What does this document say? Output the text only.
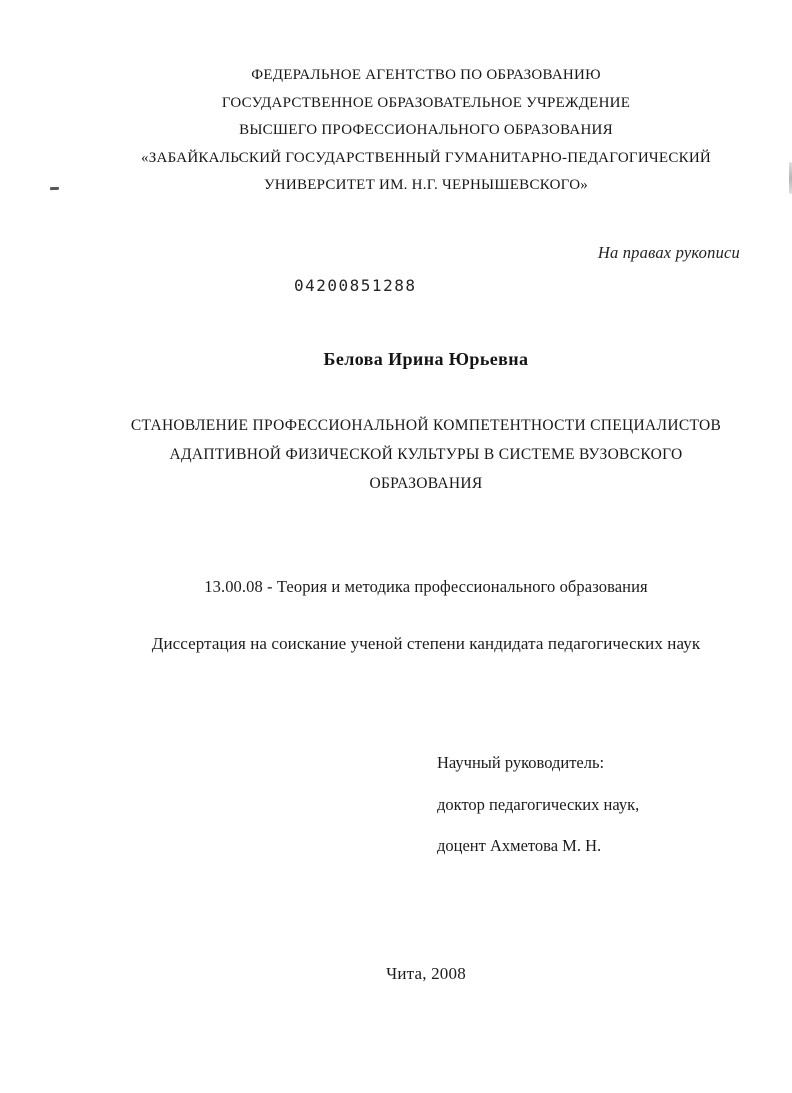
ФЕДЕРАЛЬНОЕ АГЕНТСТВО ПО ОБРАЗОВАНИЮ
ГОСУДАРСТВЕННОЕ ОБРАЗОВАТЕЛЬНОЕ УЧРЕЖДЕНИЕ
ВЫСШЕГО ПРОФЕССИОНАЛЬНОГО ОБРАЗОВАНИЯ
«ЗАБАЙКАЛЬСКИЙ ГОСУДАРСТВЕННЫЙ ГУМАНИТАРНО-ПЕДАГОГИЧЕСКИЙ
УНИВЕРСИТЕТ ИМ. Н.Г. ЧЕРНЫШЕВСКОГО»
На правах рукописи
04200851288
Белова Ирина Юрьевна
СТАНОВЛЕНИЕ ПРОФЕССИОНАЛЬНОЙ КОМПЕТЕНТНОСТИ СПЕЦИАЛИСТОВ
АДАПТИВНОЙ ФИЗИЧЕСКОЙ КУЛЬТУРЫ В СИСТЕМЕ ВУЗОВСКОГО
ОБРАЗОВАНИЯ
13.00.08 - Теория и методика профессионального образования
Диссертация на соискание ученой степени кандидата педагогических наук
Научный руководитель:
доктор педагогических наук,
доцент Ахметова М. Н.
Чита, 2008
